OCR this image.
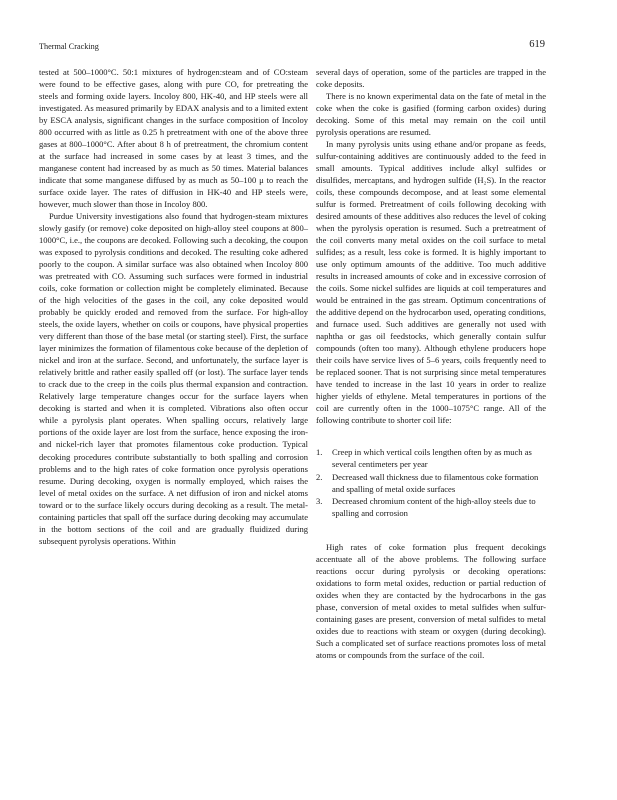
Thermal Cracking	619

tested at 500–1000°C. 50:1 mixtures of hydrogen:steam and of CO:steam were found to be effective gases, along with pure CO, for pretreating the steels and forming oxide layers. Incoloy 800, HK-40, and HP steels were all investigated. As measured primarily by EDAX analysis and to a limited extent by ESCA analysis, significant changes in the surface composition of Incoloy 800 occurred with as little as 0.25 h pretreatment with one of the above three gases at 800–1000°C. After about 8 h of pretreatment, the chromium content at the surface had increased in some cases by at least 3 times, and the manganese content had increased by as much as 50 times. Material balances indicate that some manganese diffused by as much as 50–100 μ to reach the surface oxide layer. The rates of diffusion in HK-40 and HP steels were, however, much slower than those in Incoloy 800.

Purdue University investigations also found that hydrogen-steam mixtures slowly gasify (or remove) coke deposited on high-alloy steel coupons at 800–1000°C, i.e., the coupons are decoked. Following such a decoking, the coupon was exposed to pyrolysis conditions and decoked. The resulting coke adhered poorly to the coupon. A similar surface was also obtained when Incoloy 800 was pretreated with CO. Assuming such surfaces were formed in industrial coils, coke formation or collection might be completely eliminated. Because of the high velocities of the gases in the coil, any coke deposited would probably be quickly eroded and removed from the surface. For high-alloy steels, the oxide layers, whether on coils or coupons, have physical properties very different than those of the base metal (or starting steel). First, the surface layer minimizes the formation of filamentous coke because of the depletion of nickel and iron at the surface. Second, and unfortunately, the surface layer is relatively brittle and rather easily spalled off (or lost). The surface layer tends to crack due to the creep in the coils plus thermal expansion and contraction. Relatively large temperature changes occur for the surface layers when decoking is started and when it is completed. Vibrations also often occur while a pyrolysis plant operates. When spalling occurs, relatively large portions of the oxide layer are lost from the surface, hence exposing the iron- and nickel-rich layer that promotes filamentous coke production. Typical decoking procedures contribute substantially to both spalling and corrosion problems and to the high rates of coke formation once pyrolysis operations resume. During decoking, oxygen is normally employed, which raises the level of metal oxides on the surface. A net diffusion of iron and nickel atoms toward or to the surface likely occurs during decoking as a result. The metal-containing particles that spall off the surface during decoking may accumulate in the bottom sections of the coil and are gradually fluidized during subsequent pyrolysis operations. Within

several days of operation, some of the particles are trapped in the coke deposits.

There is no known experimental data on the fate of metal in the coke when the coke is gasified (forming carbon oxides) during decoking. Some of this metal may remain on the coil until pyrolysis operations are resumed.

In many pyrolysis units using ethane and/or propane as feeds, sulfur-containing additives are continuously added to the feed in small amounts. Typical additives include alkyl sulfides or disulfides, mercaptans, and hydrogen sulfide (H₂S). In the reactor coils, these compounds decompose, and at least some elemental sulfur is formed. Pretreatment of coils following decoking with desired amounts of these additives also reduces the level of coking when the pyrolysis operation is resumed. Such a pretreatment of the coil converts many metal oxides on the coil surface to metal sulfides; as a result, less coke is formed. It is highly important to use only optimum amounts of the additive. Too much additive results in increased amounts of coke and in excessive corrosion of the coils. Some nickel sulfides are liquids at coil temperatures and would be entrained in the gas stream. Optimum concentrations of the additive depend on the hydrocarbon used, operating conditions, and furnace used. Such additives are generally not used with naphtha or gas oil feedstocks, which generally contain sulfur compounds (often too many). Although ethylene producers hope their coils have service lives of 5–6 years, coils frequently need to be replaced sooner. That is not surprising since metal temperatures have tended to increase in the last 10 years in order to realize higher yields of ethylene. Metal temperatures in portions of the coil are currently often in the 1000–1075°C range. All of the following contribute to shorter coil life:

1. Creep in which vertical coils lengthen often by as much as several centimeters per year
2. Decreased wall thickness due to filamentous coke formation and spalling of metal oxide surfaces
3. Decreased chromium content of the high-alloy steels due to spalling and corrosion

High rates of coke formation plus frequent decokings accentuate all of the above problems. The following surface reactions occur during pyrolysis or decoking operations: oxidations to form metal oxides, reduction or partial reduction of oxides when they are contacted by the hydrocarbons in the gas phase, conversion of metal oxides to metal sulfides when sulfur-containing gases are present, conversion of metal sulfides to metal oxides due to reactions with steam or oxygen (during decoking). Such a complicated set of surface reactions promotes loss of metal atoms or compounds from the surface of the coil.
